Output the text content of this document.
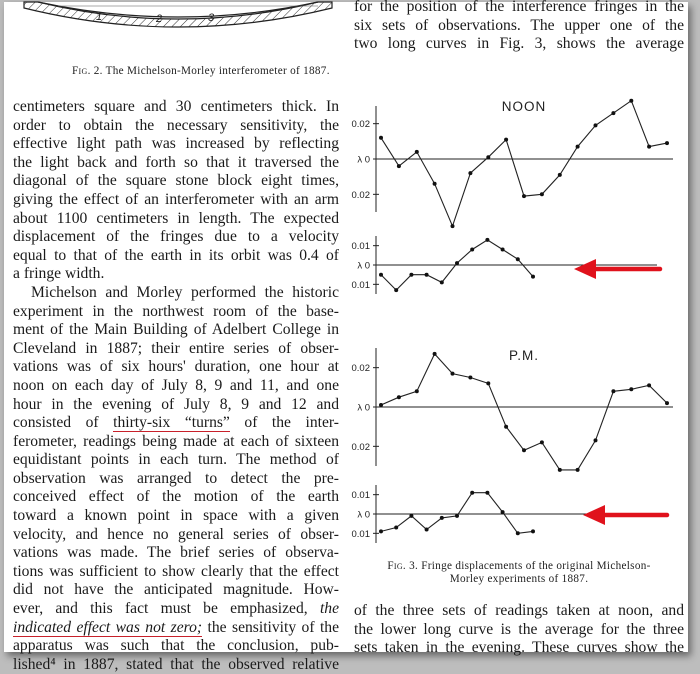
1	2	3
Fig. 2. The Michelson-Morley interferometer of 1887.
centimeters square and 30 centimeters thick. In
order to obtain the necessary sensitivity, the
effective light path was increased by reflecting
the light back and forth so that it traversed the
diagonal of the square stone block eight times,
giving the effect of an interferometer with an arm
about 1100 centimeters in length. The expected
displacement of the fringes due to a velocity
equal to that of the earth in its orbit was 0.4 of
a fringe width.
Michelson and Morley performed the historic
experiment in the northwest room of the base-
ment of the Main Building of Adelbert College in
Cleveland in 1887; their entire series of obser-
vations was of six hours' duration, one hour at
noon on each day of July 8, 9 and 11, and one
hour in the evening of July 8, 9 and 12 and
consisted of thirty-six “turns” of the inter-
ferometer, readings being made at each of sixteen
equidistant points in each turn. The method of
observation was arranged to detect the pre-
conceived effect of the motion of the earth
toward a known point in space with a given
velocity, and hence no general series of obser-
vations was made. The brief series of observa-
tions was sufficient to show clearly that the effect
did not have the anticipated magnitude. How-
ever, and this fact must be emphasized, the
indicated effect was not zero; the sensitivity of the
apparatus was such that the conclusion, pub-
lished⁴ in 1887, stated that the observed relative
for the position of the interference fringes in the
six sets of observations. The upper one of the
two long curves in Fig. 3, shows the average
0.02
λ 0
0.02
NOON
0.01
λ 0
0.01
0.02
λ 0
0.02
P.M.
0.01
λ 0
0.01
Fig. 3. Fringe displacements of the original Michelson-
Morley experiments of 1887.
of the three sets of readings taken at noon, and
the lower long curve is the average for the three
sets taken in the evening. These curves show the
